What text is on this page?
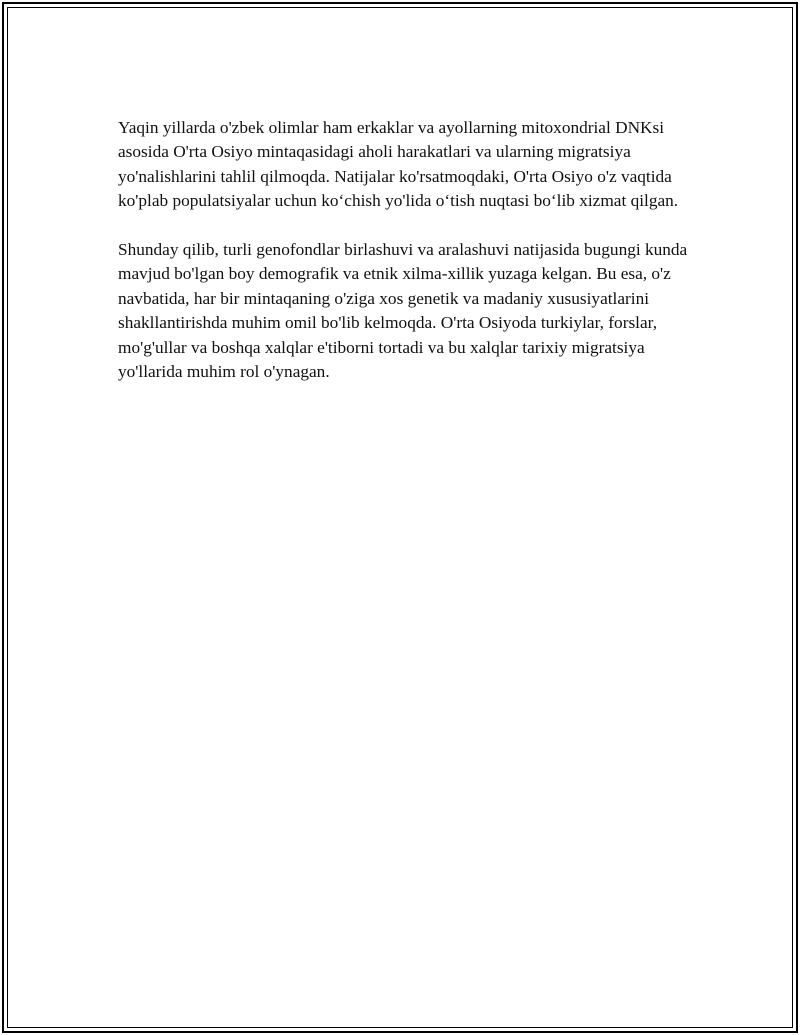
Yaqin yillarda o'zbek olimlar ham erkaklar va ayollarning mitoxondrial DNKsi asosida O'rta Osiyo mintaqasidagi aholi harakatlari va ularning migratsiya yo'nalishlarini tahlil qilmoqda. Natijalar ko'rsatmoqdaki, O'rta Osiyo o'z vaqtida ko'plab populatsiyalar uchun ko‘chish yo'lida o‘tish nuqtasi bo‘lib xizmat qilgan.

Shunday qilib, turli genofondlar birlashuvi va aralashuvi natijasida bugungi kunda mavjud bo'lgan boy demografik va etnik xilma-xillik yuzaga kelgan. Bu esa, o'z navbatida, har bir mintaqaning o'ziga xos genetik va madaniy xususiyatlarini shakllantirishda muhim omil bo'lib kelmoqda. O'rta Osiyoda turkiylar, forslar, mo'g'ullar va boshqa xalqlar e'tiborni tortadi va bu xalqlar tarixiy migratsiya yo'llarida muhim rol o'ynagan.
